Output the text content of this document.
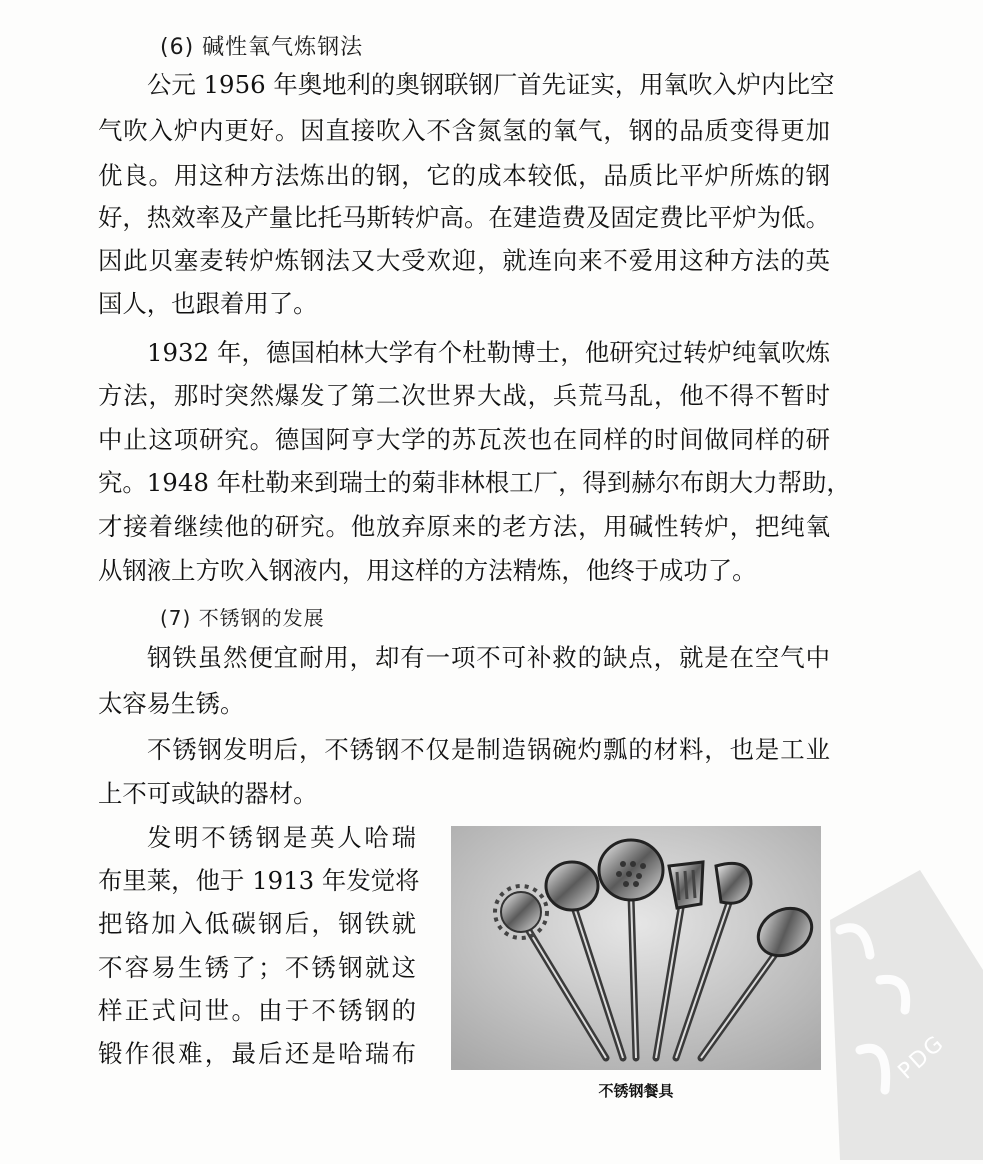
(6) 碱性氧气炼钢法
公元 1956 年奥地利的奥钢联钢厂首先证实，用氧吹入炉内比空
气吹入炉内更好。因直接吹入不含氮氢的氧气，钢的品质变得更加
优良。用这种方法炼出的钢，它的成本较低，品质比平炉所炼的钢
好，热效率及产量比托马斯转炉高。在建造费及固定费比平炉为低。
因此贝塞麦转炉炼钢法又大受欢迎，就连向来不爱用这种方法的英
国人，也跟着用了。
1932 年，德国柏林大学有个杜勒博士，他研究过转炉纯氧吹炼
方法，那时突然爆发了第二次世界大战，兵荒马乱，他不得不暂时
中止这项研究。德国阿亨大学的苏瓦茨也在同样的时间做同样的研
究。1948 年杜勒来到瑞士的菊非林根工厂，得到赫尔布朗大力帮助，
才接着继续他的研究。他放弃原来的老方法，用碱性转炉，把纯氧
从钢液上方吹入钢液内，用这样的方法精炼，他终于成功了。
(7) 不锈钢的发展
钢铁虽然便宜耐用，却有一项不可补救的缺点，就是在空气中
太容易生锈。
不锈钢发明后，不锈钢不仅是制造锅碗灼瓢的材料，也是工业
上不可或缺的器材。
发明不锈钢是英人哈瑞
布里莱，他于 1913 年发觉将
把铬加入低碳钢后，钢铁就
不容易生锈了；不锈钢就这
样正式问世。由于不锈钢的
锻作很难，最后还是哈瑞布
不锈钢餐具
PDG
